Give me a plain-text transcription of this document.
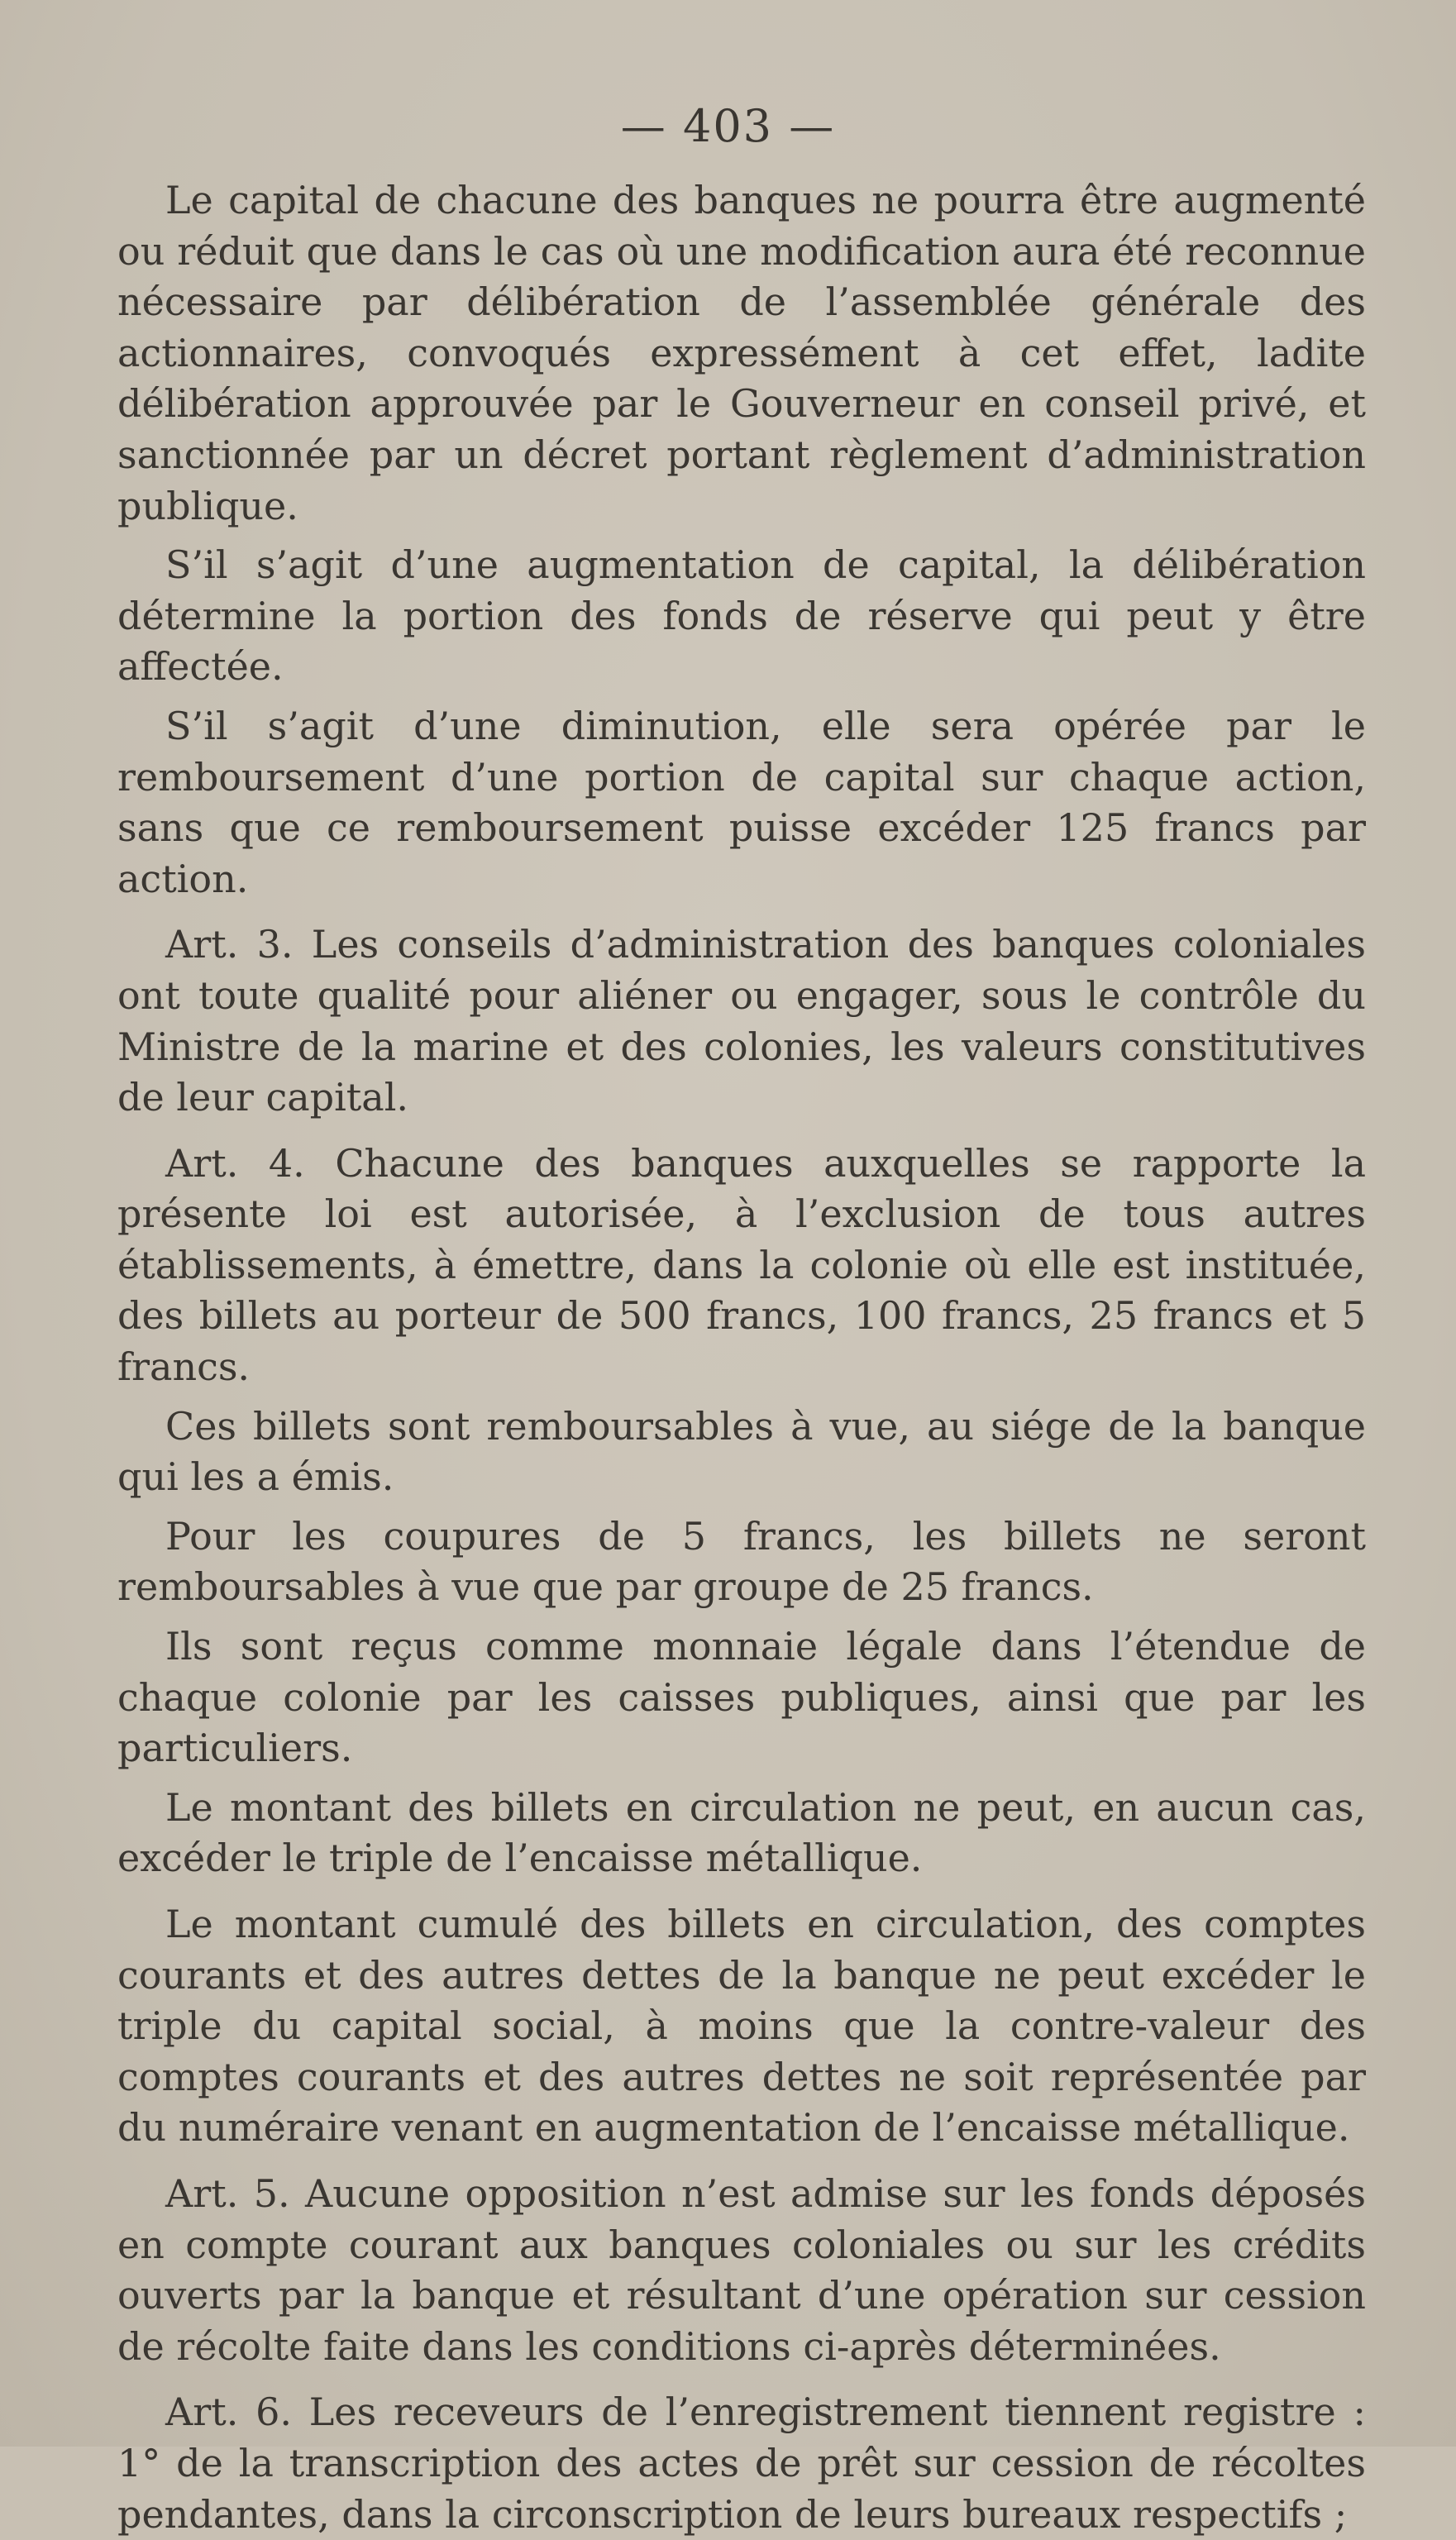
— 403 —

Le capital de chacune des banques ne pourra être augmenté ou réduit que dans le cas où une modification aura été reconnue nécessaire par délibération de l’assemblée générale des actionnaires, convoqués expressément à cet effet, ladite délibération approuvée par le Gouverneur en conseil privé, et sanctionnée par un décret portant règlement d’administration publique.

S’il s’agit d’une augmentation de capital, la délibération détermine la portion des fonds de réserve qui peut y être affectée.

S’il s’agit d’une diminution, elle sera opérée par le remboursement d’une portion de capital sur chaque action, sans que ce remboursement puisse excéder 125 francs par action.

Art. 3. Les conseils d’administration des banques coloniales ont toute qualité pour aliéner ou engager, sous le contrôle du Ministre de la marine et des colonies, les valeurs constitutives de leur capital.

Art. 4. Chacune des banques auxquelles se rapporte la présente loi est autorisée, à l’exclusion de tous autres établissements, à émettre, dans la colonie où elle est instituée, des billets au porteur de 500 francs, 100 francs, 25 francs et 5 francs.

Ces billets sont remboursables à vue, au siége de la banque qui les a émis.

Pour les coupures de 5 francs, les billets ne seront remboursables à vue que par groupe de 25 francs.

Ils sont reçus comme monnaie légale dans l’étendue de chaque colonie par les caisses publiques, ainsi que par les particuliers.

Le montant des billets en circulation ne peut, en aucun cas, excéder le triple de l’encaisse métallique.

Le montant cumulé des billets en circulation, des comptes courants et des autres dettes de la banque ne peut excéder le triple du capital social, à moins que la contre-valeur des comptes courants et des autres dettes ne soit représentée par du numéraire venant en augmentation de l’encaisse métallique.

Art. 5. Aucune opposition n’est admise sur les fonds déposés en compte courant aux banques coloniales ou sur les crédits ouverts par la banque et résultant d’une opération sur cession de récolte faite dans les conditions ci-après déterminées.

Art. 6. Les receveurs de l’enregistrement tiennent registre : 1° de la transcription des actes de prêt sur cession de récoltes pendantes, dans la circonscription de leurs bureaux respectifs ;
